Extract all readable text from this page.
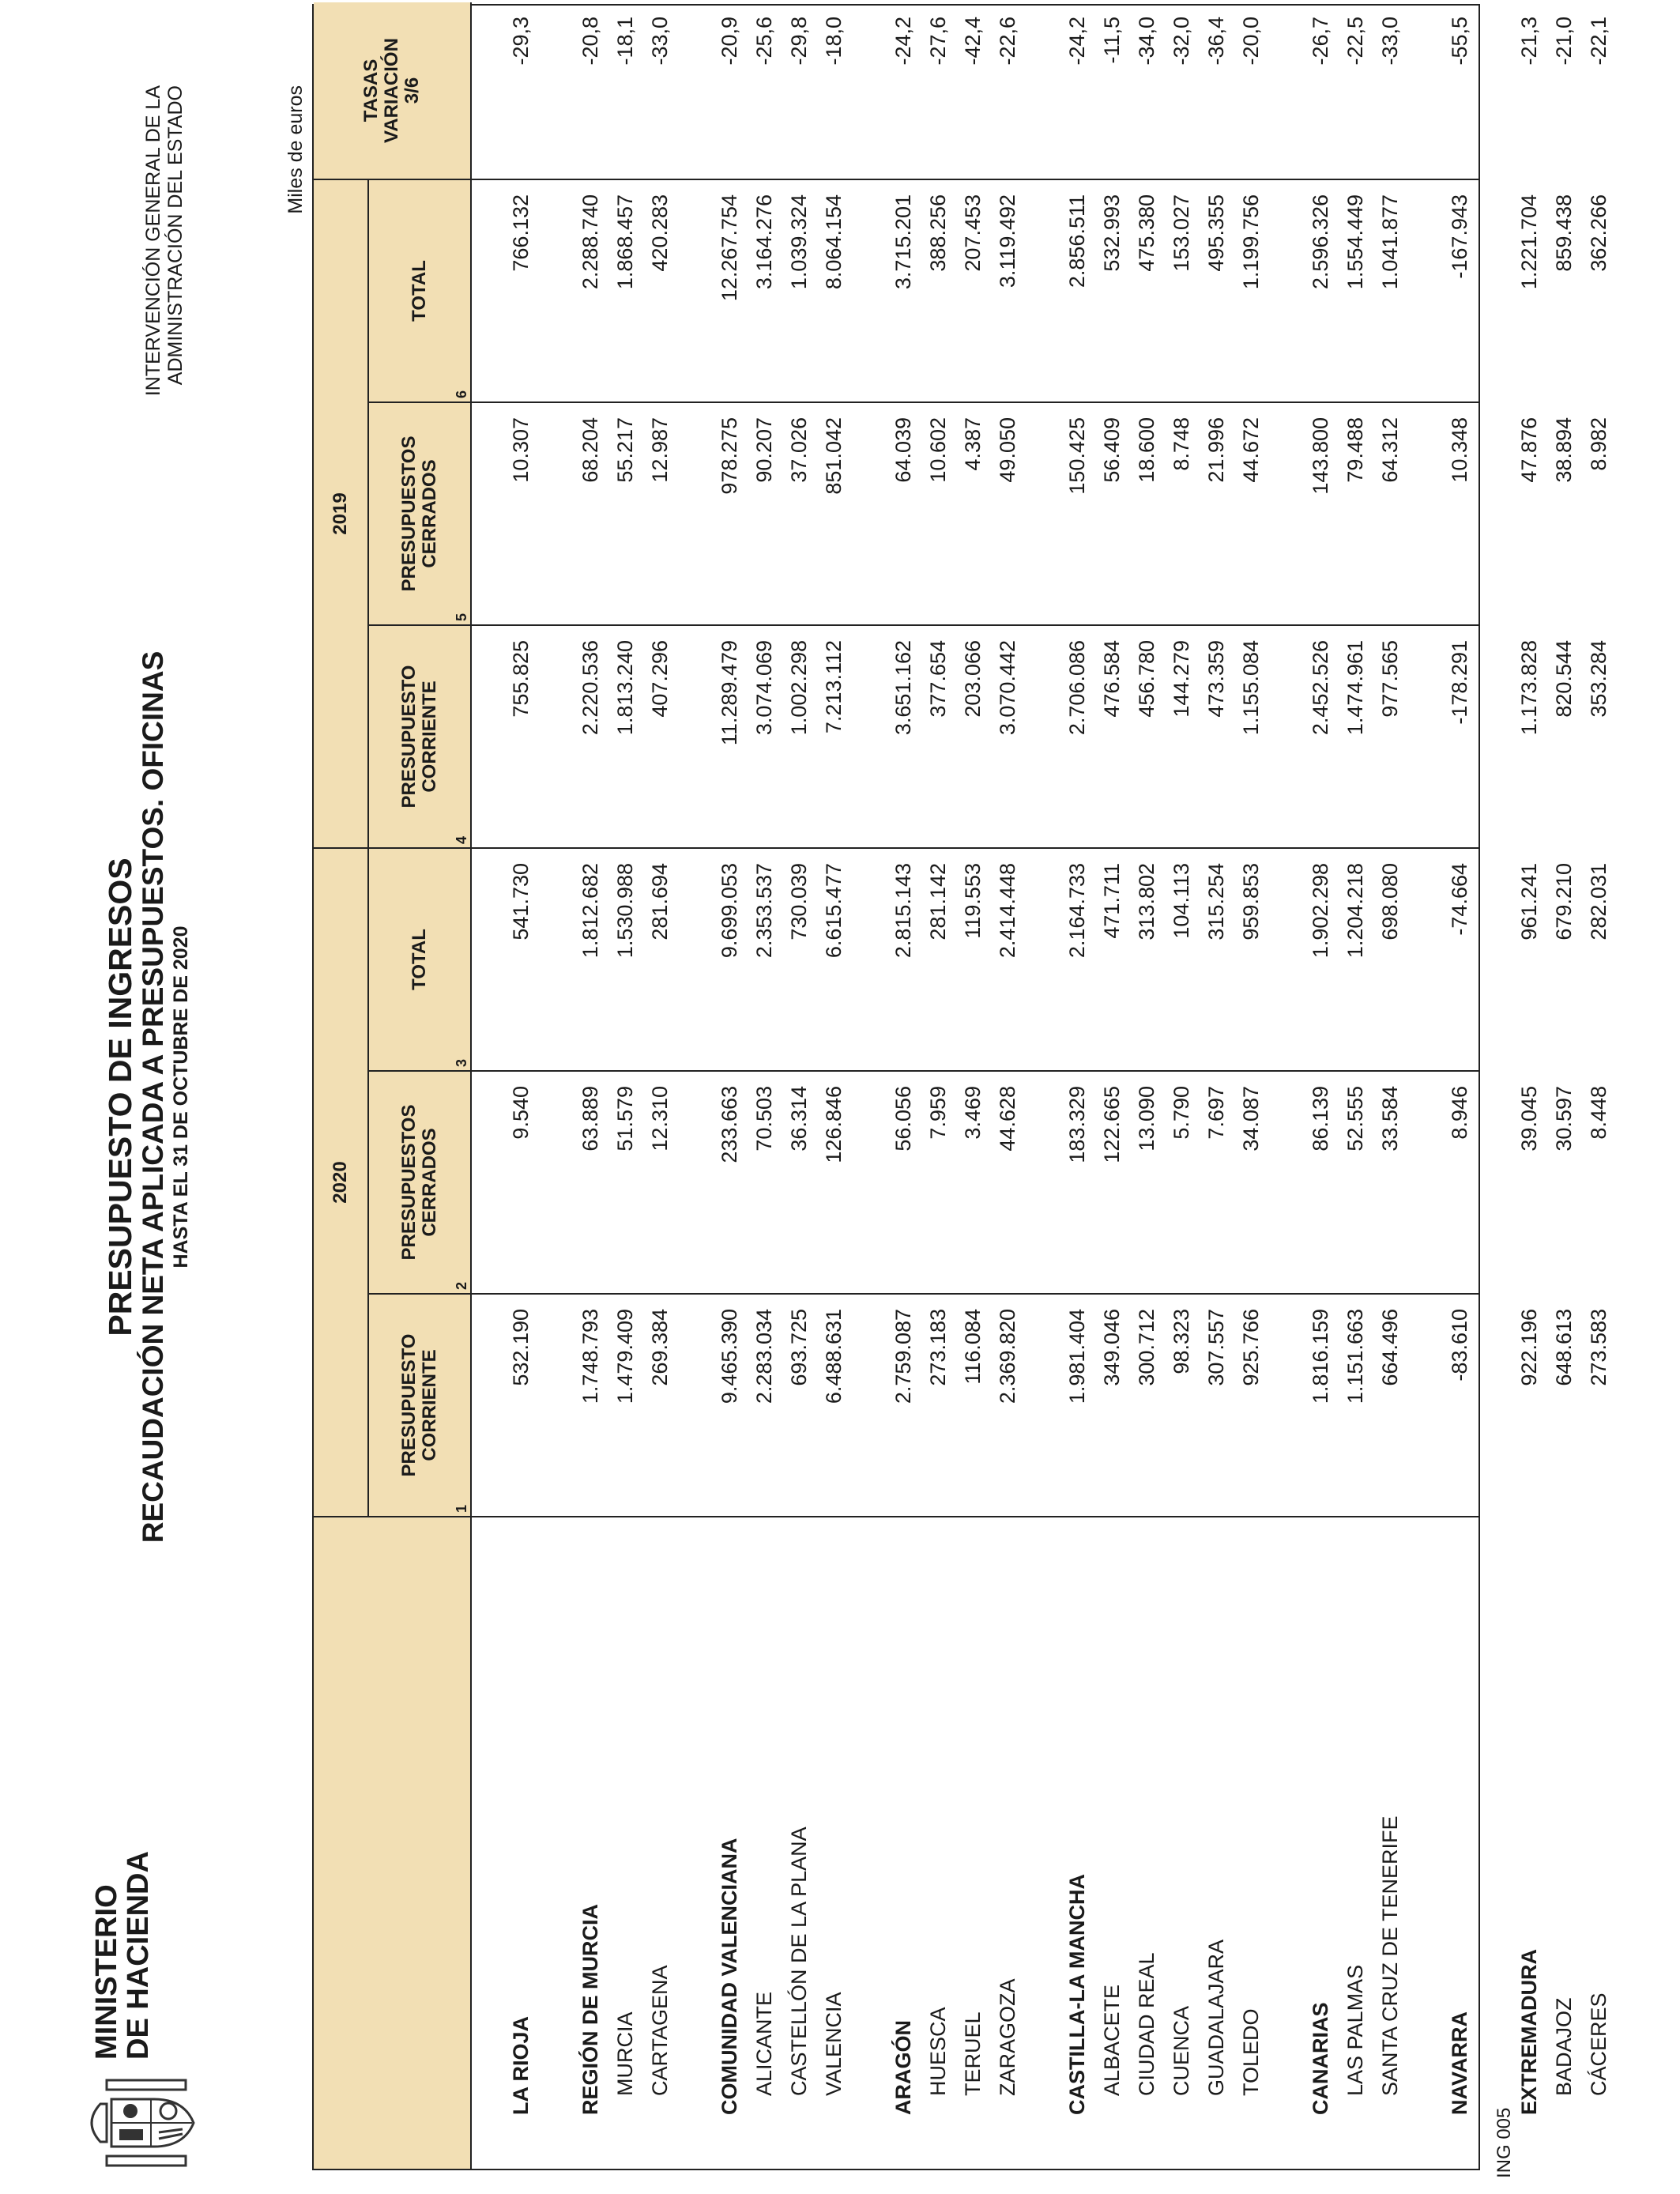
MINISTERIO
DE HACIENDA
PRESUPUESTO DE INGRESOS
RECAUDACIÓN NETA APLICADA A PRESUPUESTOS. OFICINAS HASTA EL 31 DE OCTUBRE DE 2020
INTERVENCIÓN GENERAL DE LA ADMINISTRACIÓN DEL ESTADO	Miles de euros
2020
2019
TASAS VARIACIÓN 3/6
PRESUPUESTO CORRIENTE
1
PRESUPUESTOS CERRADOS
2
TOTAL
3
PRESUPUESTO CORRIENTE
4
PRESUPUESTOS CERRADOS
5
TOTAL
6
LA RIOJA
532.190
9.540
541.730
755.825
10.307
766.132
-29,3
REGIÓN DE MURCIA
1.748.793
63.889
1.812.682
2.220.536
68.204
2.288.740
-20,8
MURCIA
1.479.409
51.579
1.530.988
1.813.240
55.217
1.868.457
-18,1
CARTAGENA
269.384
12.310
281.694
407.296
12.987
420.283
-33,0
COMUNIDAD VALENCIANA
9.465.390
233.663
9.699.053
11.289.479
978.275
12.267.754
-20,9
ALICANTE
2.283.034
70.503
2.353.537
3.074.069
90.207
3.164.276
-25,6
CASTELLÓN DE LA PLANA
693.725
36.314
730.039
1.002.298
37.026
1.039.324
-29,8
VALENCIA
6.488.631
126.846
6.615.477
7.213.112
851.042
8.064.154
-18,0
ARAGÓN
2.759.087
56.056
2.815.143
3.651.162
64.039
3.715.201
-24,2
HUESCA
273.183
7.959
281.142
377.654
10.602
388.256
-27,6
TERUEL
116.084
3.469
119.553
203.066
4.387
207.453
-42,4
ZARAGOZA
2.369.820
44.628
2.414.448
3.070.442
49.050
3.119.492
-22,6
CASTILLA-LA MANCHA
1.981.404
183.329
2.164.733
2.706.086
150.425
2.856.511
-24,2
ALBACETE
349.046
122.665
471.711
476.584
56.409
532.993
-11,5
CIUDAD REAL
300.712
13.090
313.802
456.780
18.600
475.380
-34,0
CUENCA
98.323
5.790
104.113
144.279
8.748
153.027
-32,0
GUADALAJARA
307.557
7.697
315.254
473.359
21.996
495.355
-36,4
TOLEDO
925.766
34.087
959.853
1.155.084
44.672
1.199.756
-20,0
CANARIAS
1.816.159
86.139
1.902.298
2.452.526
143.800
2.596.326
-26,7
LAS PALMAS
1.151.663
52.555
1.204.218
1.474.961
79.488
1.554.449
-22,5
SANTA CRUZ DE TENERIFE
664.496
33.584
698.080
977.565
64.312
1.041.877
-33,0
NAVARRA
-83.610
8.946
-74.664
-178.291
10.348
-167.943
-55,5
EXTREMADURA
922.196
39.045
961.241
1.173.828
47.876
1.221.704
-21,3
BADAJOZ
648.613
30.597
679.210
820.544
38.894
859.438
-21,0
CÁCERES
273.583
8.448
282.031
353.284
8.982
362.266
-22,1
ING 005
